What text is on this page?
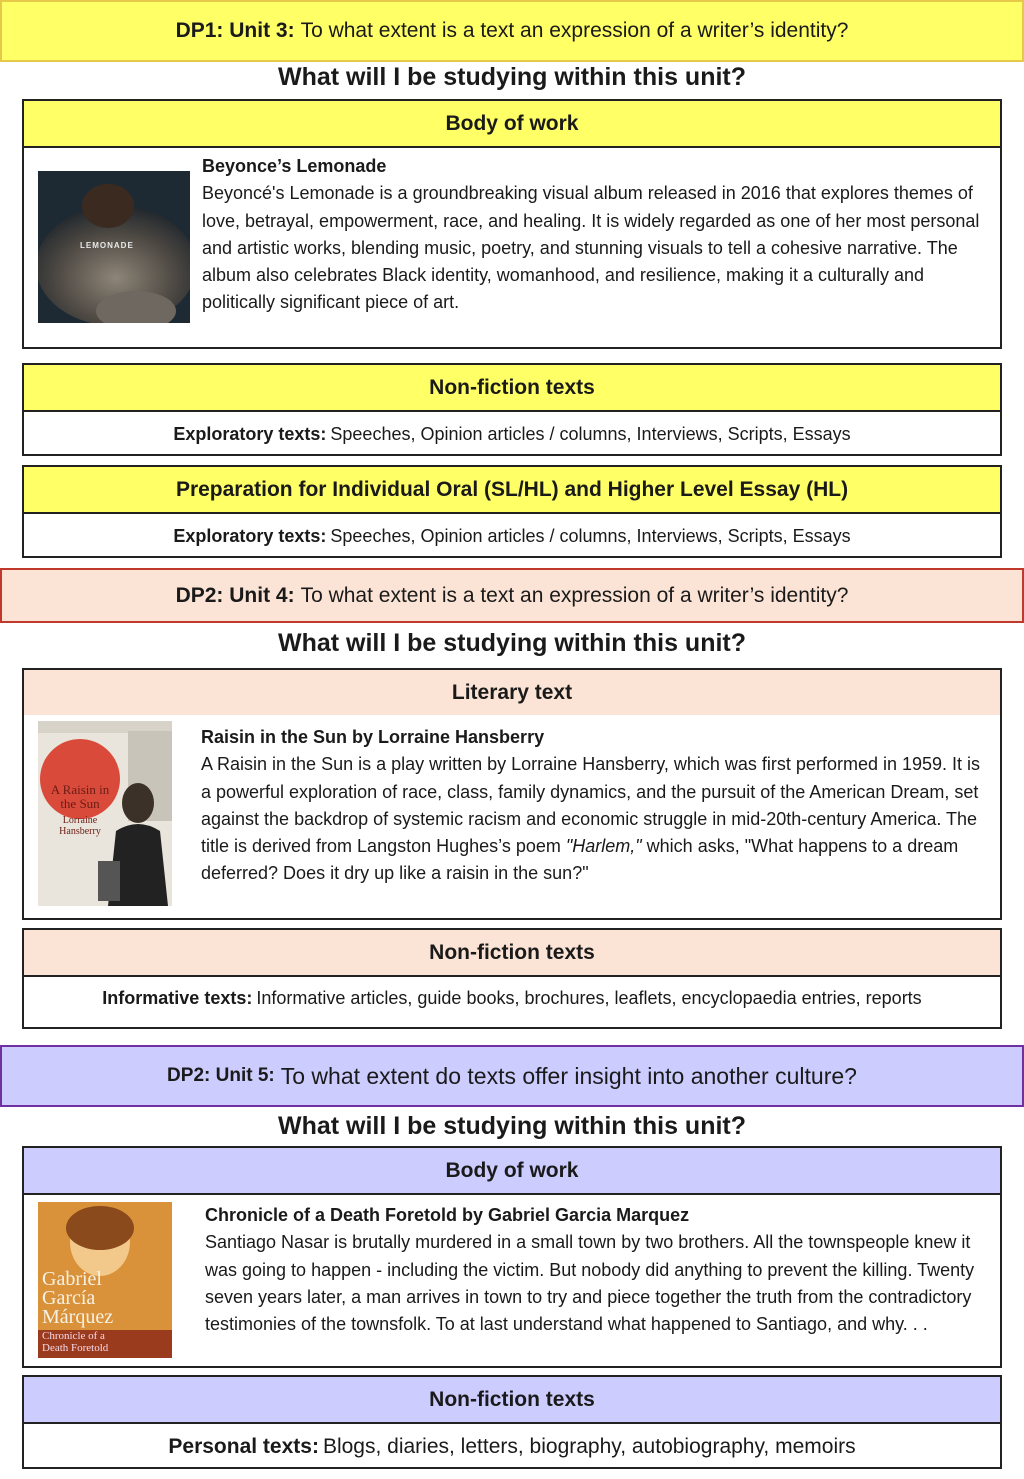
DP1: Unit 3: To what extent is a text an expression of a writer’s identity?
What will I be studying within this unit?
Body of work
LEMONADE
Beyonce’s Lemonade
Beyoncé's Lemonade is a groundbreaking visual album released in 2016 that explores themes of love, betrayal, empowerment, race, and healing. It is widely regarded as one of her most personal and artistic works, blending music, poetry, and stunning visuals to tell a cohesive narrative. The album also celebrates Black identity, womanhood, and resilience, making it a culturally and politically significant piece of art.
Non-fiction texts
Exploratory texts: Speeches, Opinion articles / columns, Interviews, Scripts, Essays
Preparation for Individual Oral (SL/HL) and Higher Level Essay (HL)
Exploratory texts: Speeches, Opinion articles / columns, Interviews, Scripts, Essays
DP2: Unit 4: To what extent is a text an expression of a writer’s identity?
What will I be studying within this unit?
Literary text
A Raisin in the Sun
Lorraine Hansberry
Raisin in the Sun by Lorraine Hansberry
A Raisin in the Sun is a play written by Lorraine Hansberry, which was first performed in 1959. It is a powerful exploration of race, class, family dynamics, and the pursuit of the American Dream, set against the backdrop of systemic racism and economic struggle in mid-20th-century America. The title is derived from Langston Hughes’s poem "Harlem," which asks, "What happens to a dream deferred? Does it dry up like a raisin in the sun?"
Non-fiction texts
Informative texts: Informative articles, guide books, brochures, leaflets, encyclopaedia entries, reports
DP2: Unit 5: To what extent do texts offer insight into another culture?
What will I be studying within this unit?
Body of work
Gabriel
García
Márquez
Chronicle of a Death Foretold
Chronicle of a Death Foretold by Gabriel Garcia Marquez
Santiago Nasar is brutally murdered in a small town by two brothers. All the townspeople knew it was going to happen - including the victim. But nobody did anything to prevent the killing. Twenty seven years later, a man arrives in town to try and piece together the truth from the contradictory testimonies of the townsfolk. To at last understand what happened to Santiago, and why. . .
Non-fiction texts
Personal texts: Blogs, diaries, letters, biography, autobiography, memoirs
